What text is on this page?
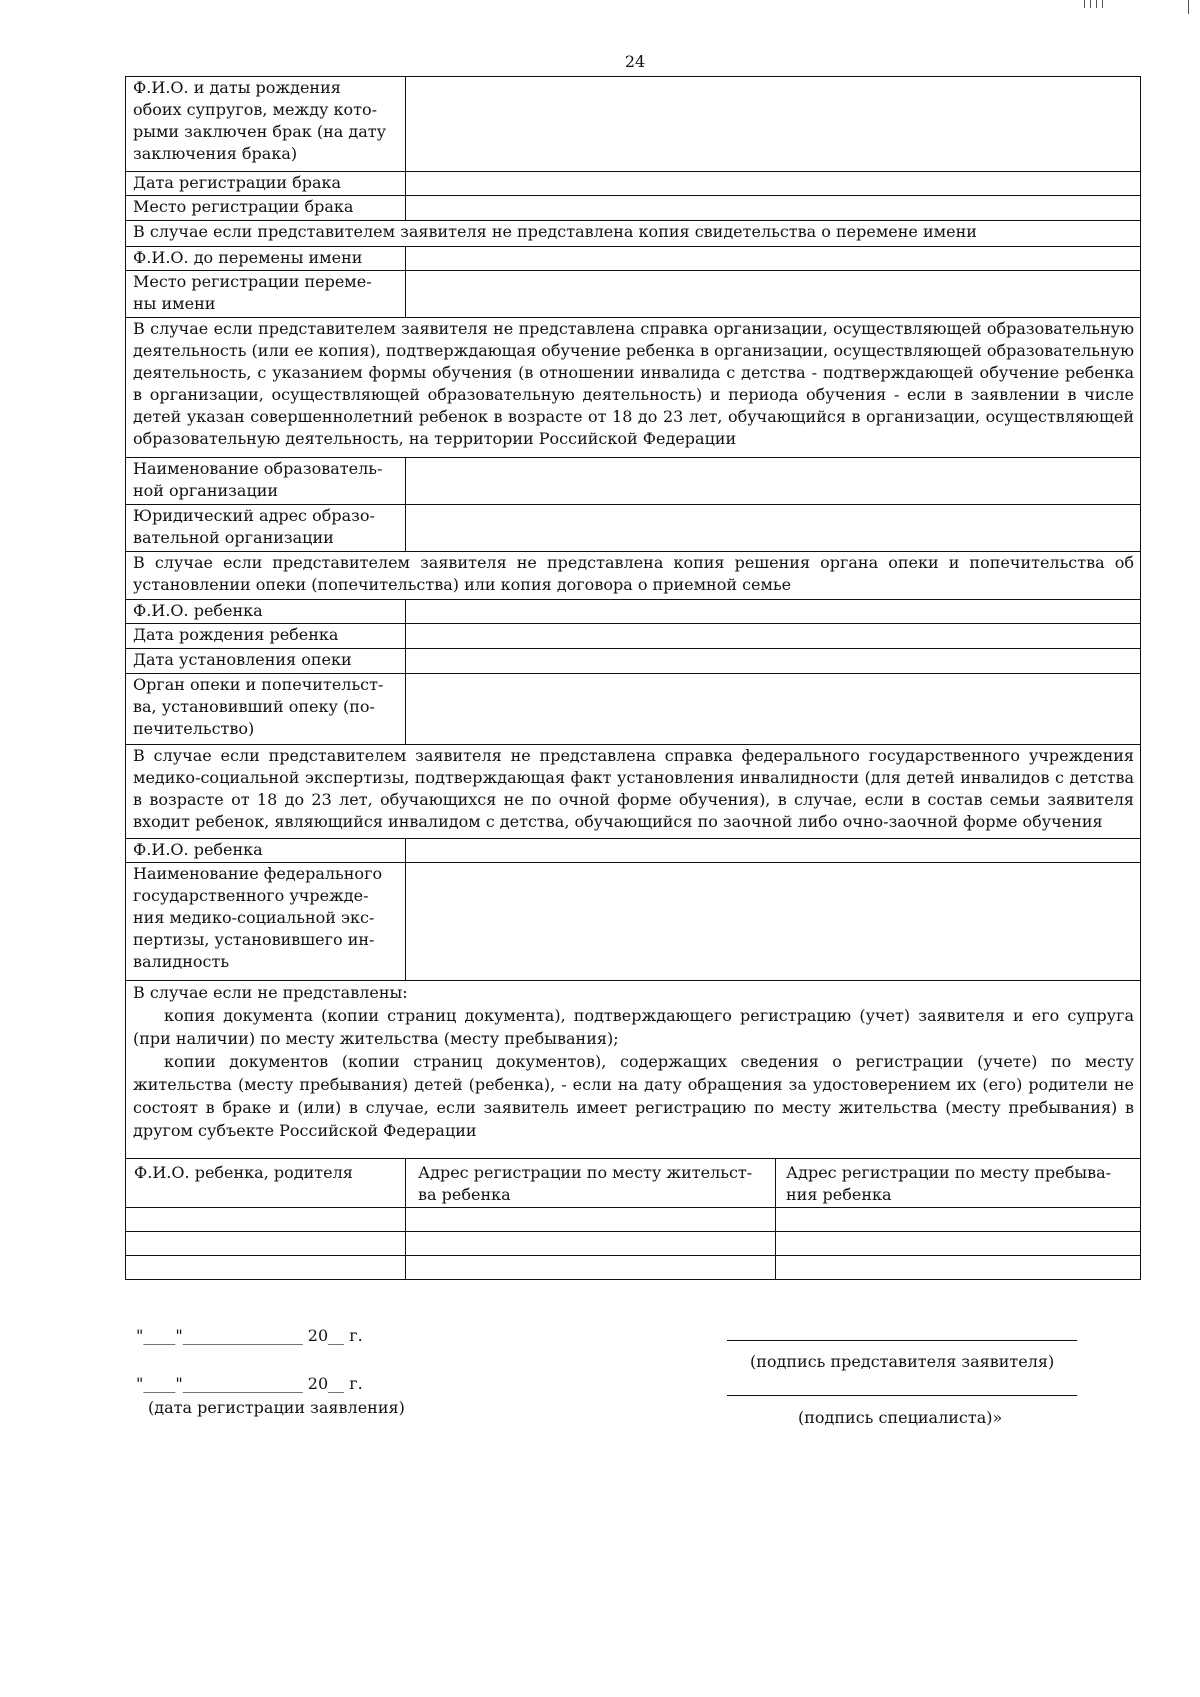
24
Ф.И.О. и даты рождения
обоих супругов, между кото-
рыми заключен брак (на дату
заключения брака)
Дата регистрации брака
Место регистрации брака
В случае если представителем заявителя не представлена копия свидетельства о перемене имени
Ф.И.О. до перемены имени
Место регистрации переме-
ны имени
В случае если представителем заявителя не представлена справка организации, осуществляющей образовательную деятельность (или ее копия), подтверждающая обучение ребенка в организации, осуществляющей образовательную деятельность, с указанием формы обучения (в отношении инвалида с детства - подтверждающей обучение ребенка в организации, осуществляющей образовательную деятельность) и периода обучения - если в заявлении в числе детей указан совершеннолетний ребенок в возрасте от 18 до 23 лет, обучающийся в организации, осуществляющей образовательную деятельность, на территории Российской Федерации
Наименование образователь-
ной организации
Юридический адрес образо-
вательной организации
В случае если представителем заявителя не представлена копия решения органа опеки и попечительства об установлении опеки (попечительства) или копия договора о приемной семье
Ф.И.О. ребенка
Дата рождения ребенка
Дата установления опеки
Орган опеки и попечительст-
ва, установивший опеку (по-
печительство)
В случае если представителем заявителя не представлена справка федерального государственного учреждения медико-социальной экспертизы, подтверждающая факт установления инвалидности (для детей инвалидов с детства в возрасте от 18 до 23 лет, обучающихся не по очной форме обучения), в случае, если в состав семьи заявителя входит ребенок, являющийся инвалидом с детства, обучающийся по заочной либо очно-заочной форме обучения
Ф.И.О. ребенка
Наименование федерального
государственного учрежде-
ния медико-социальной экс-
пертизы, установившего ин-
валидность
В случае если не представлены:
копия документа (копии страниц документа), подтверждающего регистрацию (учет) заявителя и его супруга (при наличии) по месту жительства (месту пребывания);
копии документов (копии страниц документов), содержащих сведения о регистрации (учете) по месту жительства (месту пребывания) детей (ребенка), - если на дату обращения за удостоверением их (его) родители не состоят в браке и (или) в случае, если заявитель имеет регистрацию по месту жительства (месту пребывания) в другом субъекте Российской Федерации
Ф.И.О. ребенка, родителя	Адрес регистрации по месту жительст-
ва ребенка
Адрес регистрации по месту пребыва-
ния ребенка
"____"_______________ 20__ г.
"____"_______________ 20__ г.
(дата регистрации заявления)
(подпись представителя заявителя)
(подпись специалиста)»
